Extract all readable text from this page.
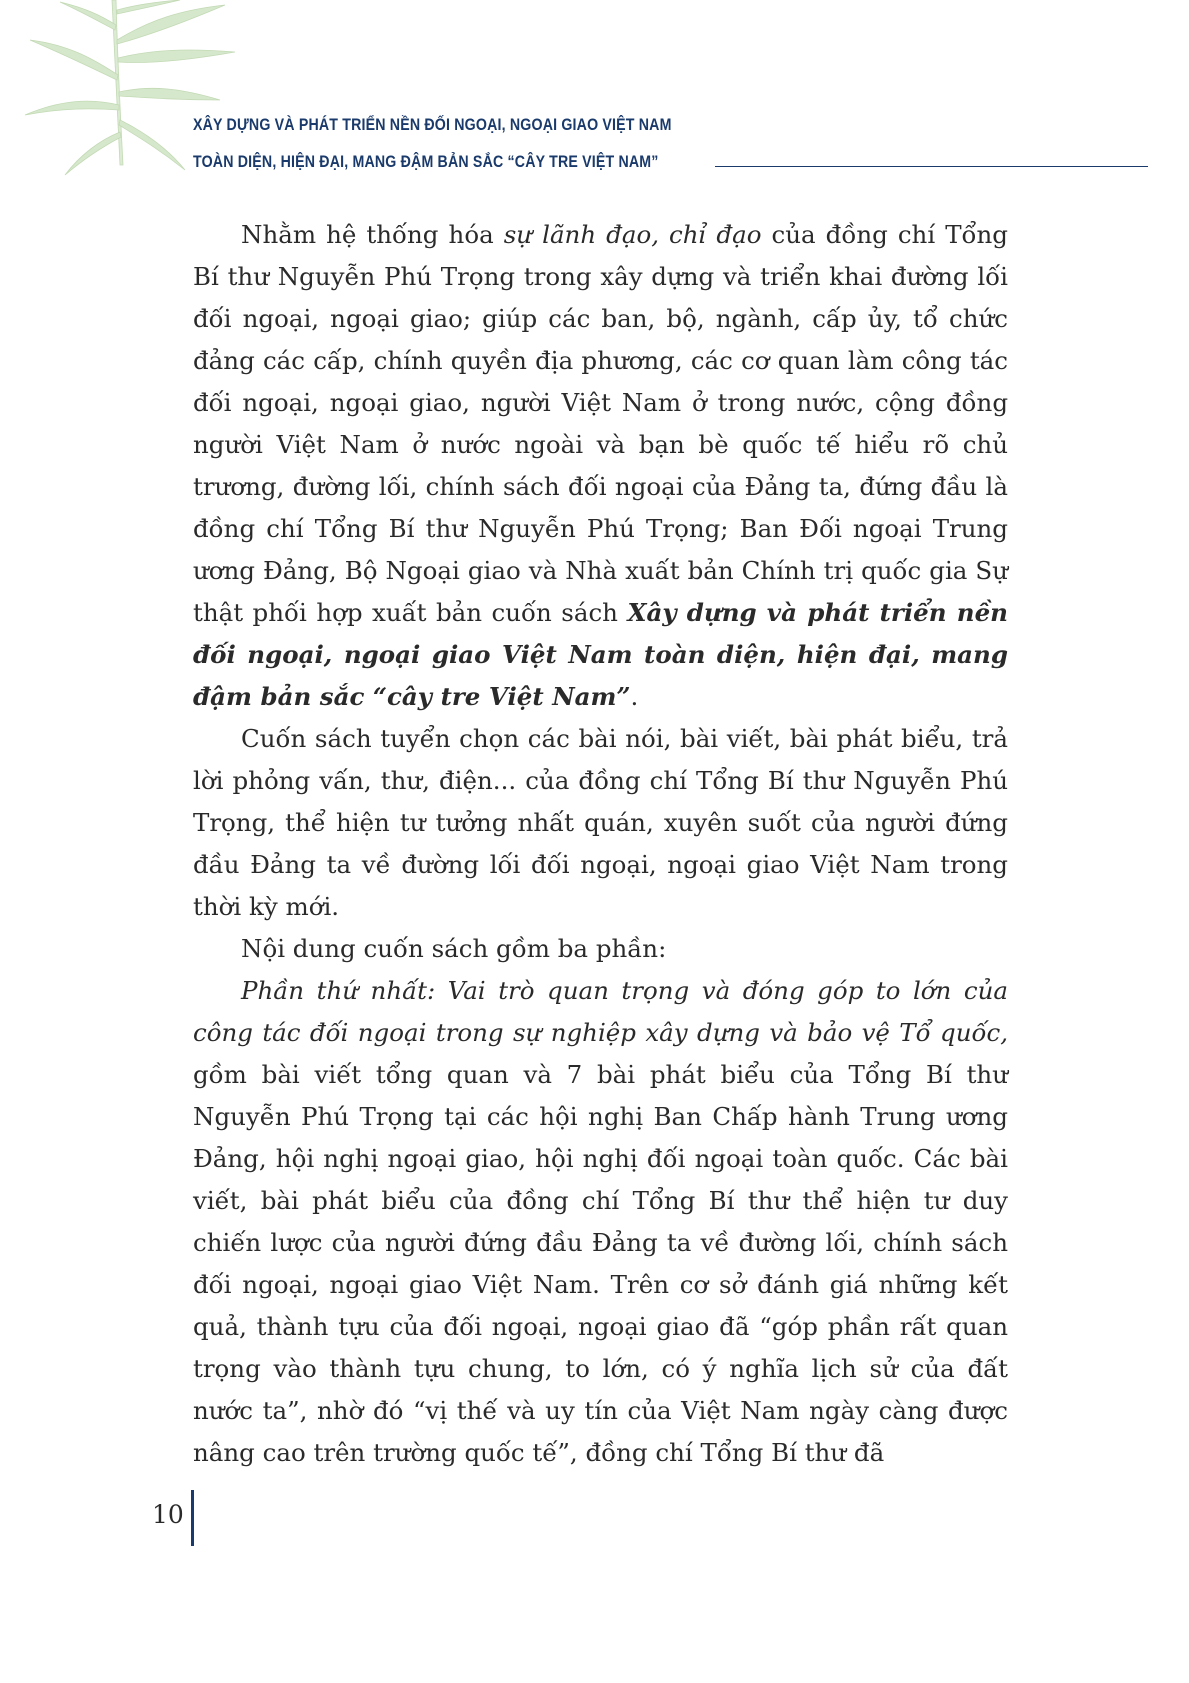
XÂY DỰNG VÀ PHÁT TRIỂN NỀN ĐỐI NGOẠI, NGOẠI GIAO VIỆT NAM
TOÀN DIỆN, HIỆN ĐẠI, MANG ĐẬM BẢN SẮC “CÂY TRE VIỆT NAM”

Nhằm hệ thống hóa sự lãnh đạo, chỉ đạo của đồng chí Tổng Bí thư Nguyễn Phú Trọng trong xây dựng và triển khai đường lối đối ngoại, ngoại giao; giúp các ban, bộ, ngành, cấp ủy, tổ chức đảng các cấp, chính quyền địa phương, các cơ quan làm công tác đối ngoại, ngoại giao, người Việt Nam ở trong nước, cộng đồng người Việt Nam ở nước ngoài và bạn bè quốc tế hiểu rõ chủ trương, đường lối, chính sách đối ngoại của Đảng ta, đứng đầu là đồng chí Tổng Bí thư Nguyễn Phú Trọng; Ban Đối ngoại Trung ương Đảng, Bộ Ngoại giao và Nhà xuất bản Chính trị quốc gia Sự thật phối hợp xuất bản cuốn sách Xây dựng và phát triển nền đối ngoại, ngoại giao Việt Nam toàn diện, hiện đại, mang đậm bản sắc “cây tre Việt Nam”.

Cuốn sách tuyển chọn các bài nói, bài viết, bài phát biểu, trả lời phỏng vấn, thư, điện... của đồng chí Tổng Bí thư Nguyễn Phú Trọng, thể hiện tư tưởng nhất quán, xuyên suốt của người đứng đầu Đảng ta về đường lối đối ngoại, ngoại giao Việt Nam trong thời kỳ mới.

Nội dung cuốn sách gồm ba phần:

Phần thứ nhất: Vai trò quan trọng và đóng góp to lớn của công tác đối ngoại trong sự nghiệp xây dựng và bảo vệ Tổ quốc, gồm bài viết tổng quan và 7 bài phát biểu của Tổng Bí thư Nguyễn Phú Trọng tại các hội nghị Ban Chấp hành Trung ương Đảng, hội nghị ngoại giao, hội nghị đối ngoại toàn quốc. Các bài viết, bài phát biểu của đồng chí Tổng Bí thư thể hiện tư duy chiến lược của người đứng đầu Đảng ta về đường lối, chính sách đối ngoại, ngoại giao Việt Nam. Trên cơ sở đánh giá những kết quả, thành tựu của đối ngoại, ngoại giao đã “góp phần rất quan trọng vào thành tựu chung, to lớn, có ý nghĩa lịch sử của đất nước ta”, nhờ đó “vị thế và uy tín của Việt Nam ngày càng được nâng cao trên trường quốc tế”, đồng chí Tổng Bí thư đã

10
